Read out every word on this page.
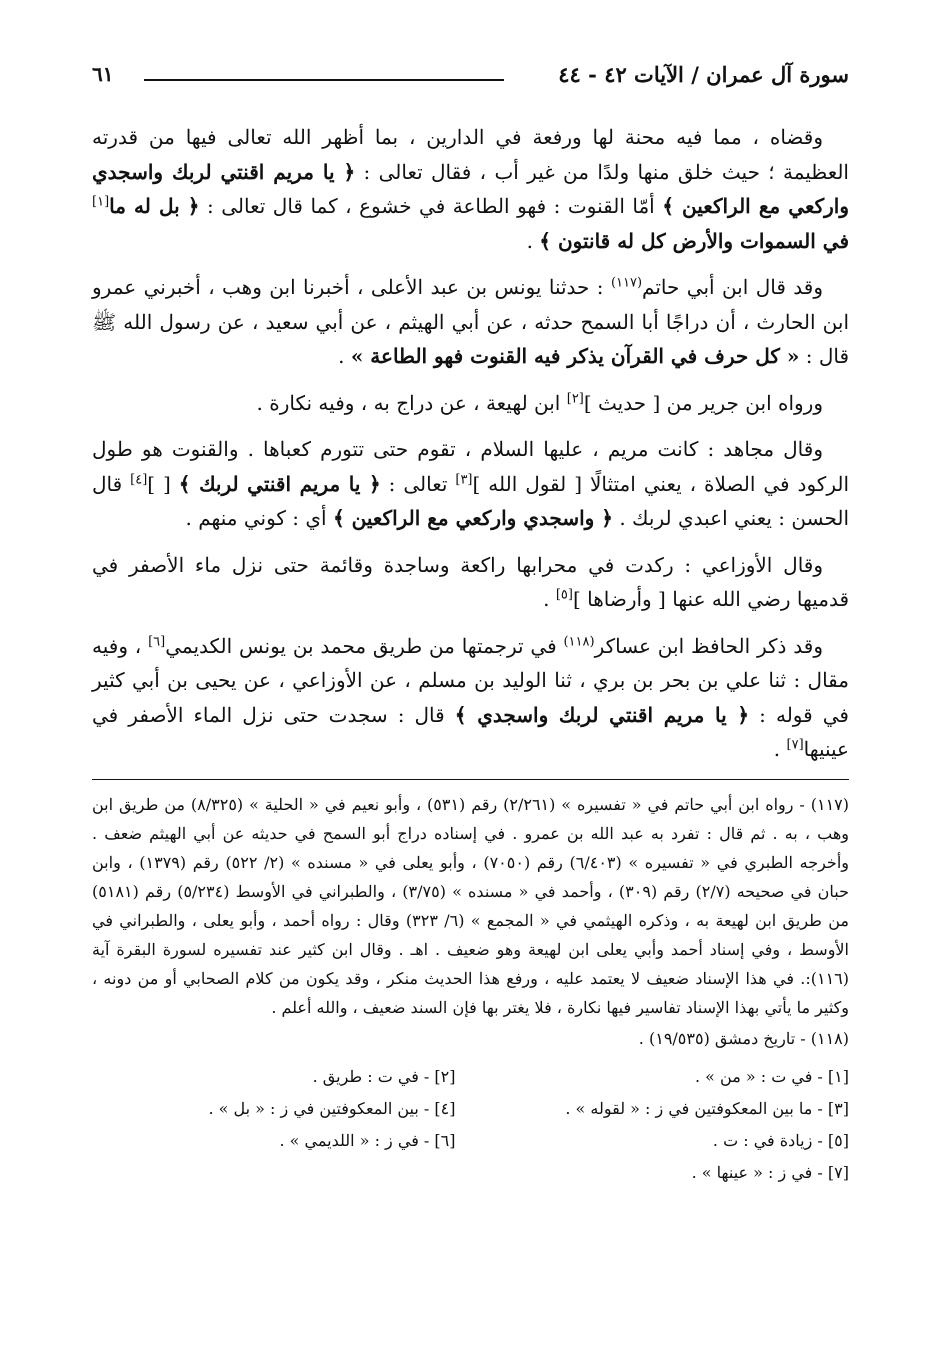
سورة آل عمران / الآيات ٤٢ - ٤٤
٦١

وقضاه ، مما فيه محنة لها ورفعة في الدارين ، بما أظهر الله تعالى فيها من قدرته العظيمة ؛ حيث خلق منها ولدًا من غير أب ، فقال تعالى : ﴿ يا مريم اقنتي لربك واسجدي واركعي مع الراكعين ﴾ أمّا القنوت : فهو الطاعة في خشوع ، كما قال تعالى : ﴿ بل له ما[١] في السموات والأرض كل له قانتون ﴾ .

وقد قال ابن أبي حاتم$^{(١١٧)}$ : حدثنا يونس بن عبد الأعلى ، أخبرنا ابن وهب ، أخبرني عمرو ابن الحارث ، أن دراجًا أبا السمح حدثه ، عن أبي الهيثم ، عن أبي سعيد ، عن رسول الله ﷺ قال : « كل حرف في القرآن يذكر فيه القنوت فهو الطاعة » .

ورواه ابن جرير من [ حديث ][٢] ابن لهيعة ، عن دراج به ، وفيه نكارة .

وقال مجاهد : كانت مريم ، عليها السلام ، تقوم حتى تتورم كعباها . والقنوت هو طول الركود في الصلاة ، يعني امتثالًا [ لقول الله ][٣] تعالى : ﴿ يا مريم اقنتي لربك ﴾ [ ][٤] قال الحسن : يعني اعبدي لربك . ﴿ واسجدي واركعي مع الراكعين ﴾ أي : كوني منهم .

وقال الأوزاعي : ركدت في محرابها راكعة وساجدة وقائمة حتى نزل ماء الأصفر في قدميها رضي الله عنها [ وأرضاها ][٥] .

وقد ذكر الحافظ ابن عساكر$^{(١١٨)}$ في ترجمتها من طريق محمد بن يونس الكديمي[٦] ، وفيه مقال : ثنا علي بن بحر بن بري ، ثنا الوليد بن مسلم ، عن الأوزاعي ، عن يحيى بن أبي كثير في قوله : ﴿ يا مريم اقنتي لربك واسجدي ﴾ قال : سجدت حتى نزل الماء الأصفر في عينيها[٧] .

(١١٧) - رواه ابن أبي حاتم في « تفسيره » (٢/٢٦١) رقم (٥٣١) ، وأبو نعيم في « الحلية » (٨/٣٢٥) من طريق ابن وهب ، به . ثم قال : تفرد به عبد الله بن عمرو . في إسناده دراج أبو السمح في حديثه عن أبي الهيثم ضعف . وأخرجه الطبري في « تفسيره » (٦/٤٠٣) رقم (٧٠٥٠) ، وأبو يعلى في « مسنده » (٢/ ٥٢٢) رقم (١٣٧٩) ، وابن حبان في صحيحه (٢/٧) رقم (٣٠٩) ، وأحمد في « مسنده » (٣/٧٥) ، والطبراني في الأوسط (٥/٢٣٤) رقم (٥١٨١) من طريق ابن لهيعة به ، وذكره الهيثمي في « المجمع » (٦/ ٣٢٣) وقال : رواه أحمد ، وأبو يعلى ، والطبراني في الأوسط ، وفي إسناد أحمد وأبي يعلى ابن لهيعة وهو ضعيف . اهـ . وقال ابن كثير عند تفسيره لسورة البقرة آية (١١٦):. في هذا الإسناد ضعيف لا يعتمد عليه ، ورفع هذا الحديث منكر ، وقد يكون من كلام الصحابي أو من دونه ، وكثير ما يأتي بهذا الإسناد تفاسير فيها نكارة ، فلا يغتر بها فإن السند ضعيف ، والله أعلم .

(١١٨) - تاريخ دمشق (١٩/٥٣٥) .

[١] - في ت : « من » .
[٢] - في ت : طريق .
[٣] - ما بين المعكوفتين في ز : « لقوله » .
[٤] - بين المعكوفتين في ز : « بل » .
[٥] - زيادة في : ت .
[٦] - في ز : « اللديمي » .
[٧] - في ز : « عينها » .
